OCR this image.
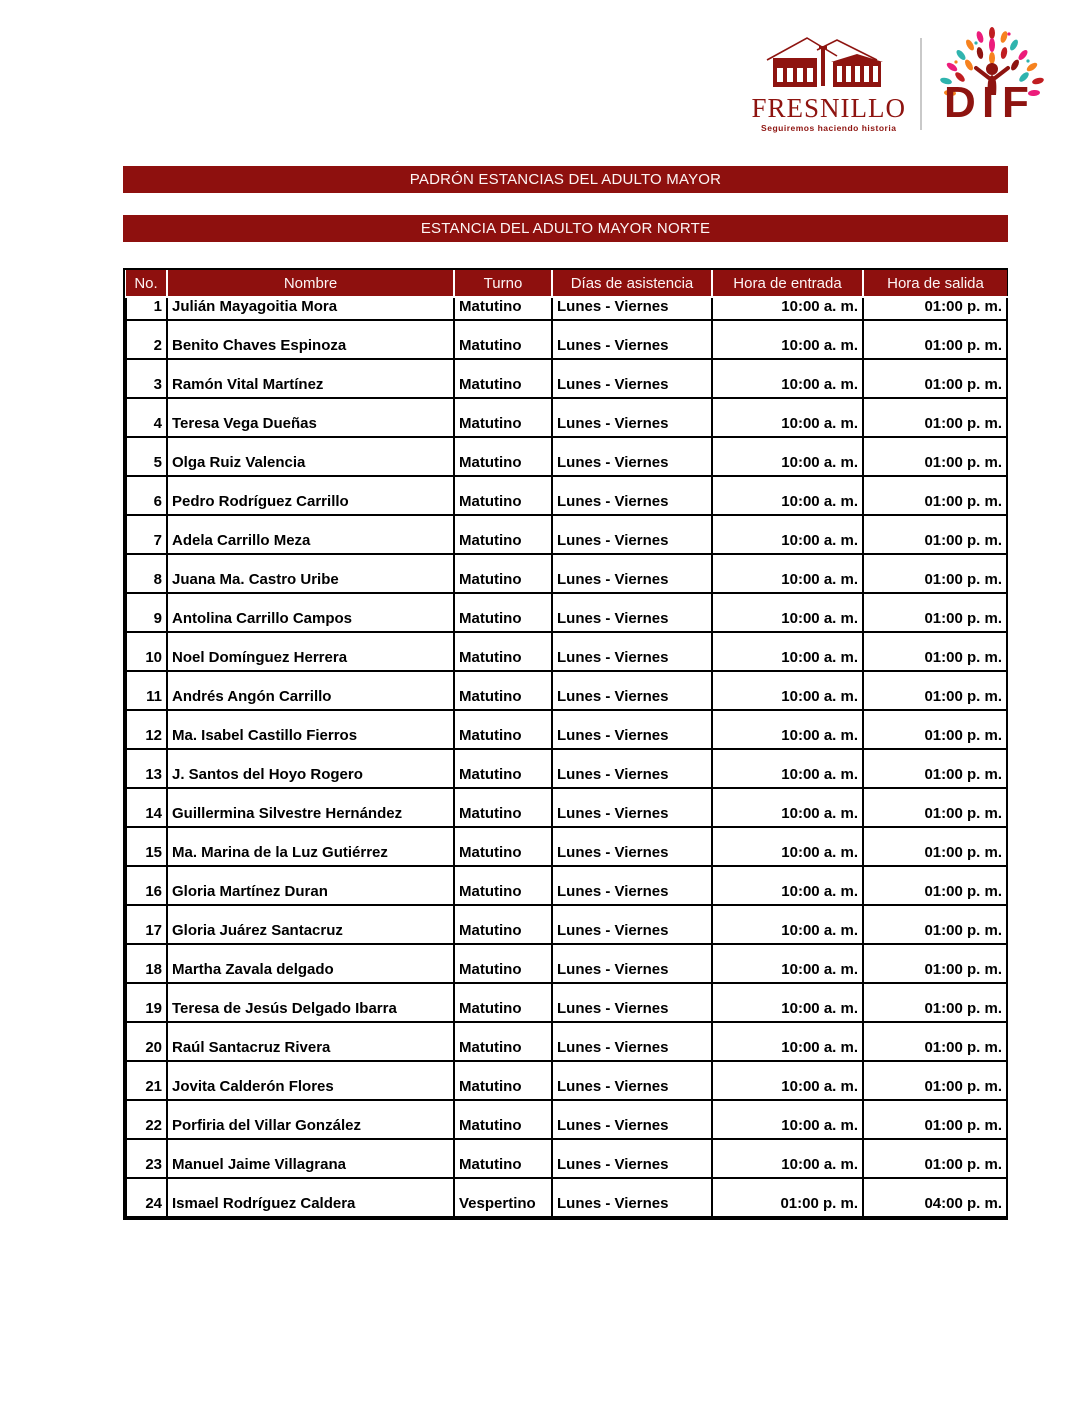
FRESNILLO
Seguiremos haciendo historia
D I F
PADRÓN ESTANCIAS DEL ADULTO MAYOR
ESTANCIA DEL ADULTO MAYOR NORTE
No.	Nombre	Turno	Días de asistencia	Hora de entrada	Hora de salida
1	Julián Mayagoitia Mora	Matutino	Lunes - Viernes	10:00 a. m.	01:00 p. m.
2	Benito Chaves Espinoza	Matutino	Lunes - Viernes	10:00 a. m.	01:00 p. m.
3	Ramón Vital Martínez	Matutino	Lunes - Viernes	10:00 a. m.	01:00 p. m.
4	Teresa Vega Dueñas	Matutino	Lunes - Viernes	10:00 a. m.	01:00 p. m.
5	Olga Ruiz Valencia	Matutino	Lunes - Viernes	10:00 a. m.	01:00 p. m.
6	Pedro Rodríguez Carrillo	Matutino	Lunes - Viernes	10:00 a. m.	01:00 p. m.
7	Adela Carrillo Meza	Matutino	Lunes - Viernes	10:00 a. m.	01:00 p. m.
8	Juana Ma. Castro Uribe	Matutino	Lunes - Viernes	10:00 a. m.	01:00 p. m.
9	Antolina Carrillo Campos	Matutino	Lunes - Viernes	10:00 a. m.	01:00 p. m.
10	Noel Domínguez Herrera	Matutino	Lunes - Viernes	10:00 a. m.	01:00 p. m.
11	Andrés Angón Carrillo	Matutino	Lunes - Viernes	10:00 a. m.	01:00 p. m.
12	Ma. Isabel Castillo Fierros	Matutino	Lunes - Viernes	10:00 a. m.	01:00 p. m.
13	J. Santos del Hoyo Rogero	Matutino	Lunes - Viernes	10:00 a. m.	01:00 p. m.
14	Guillermina Silvestre Hernández	Matutino	Lunes - Viernes	10:00 a. m.	01:00 p. m.
15	Ma. Marina de la Luz Gutiérrez	Matutino	Lunes - Viernes	10:00 a. m.	01:00 p. m.
16	Gloria Martínez Duran	Matutino	Lunes - Viernes	10:00 a. m.	01:00 p. m.
17	Gloria Juárez Santacruz	Matutino	Lunes - Viernes	10:00 a. m.	01:00 p. m.
18	Martha Zavala delgado	Matutino	Lunes - Viernes	10:00 a. m.	01:00 p. m.
19	Teresa de Jesús Delgado Ibarra	Matutino	Lunes - Viernes	10:00 a. m.	01:00 p. m.
20	Raúl Santacruz Rivera	Matutino	Lunes - Viernes	10:00 a. m.	01:00 p. m.
21	Jovita Calderón Flores	Matutino	Lunes - Viernes	10:00 a. m.	01:00 p. m.
22	Porfiria del Villar González	Matutino	Lunes - Viernes	10:00 a. m.	01:00 p. m.
23	Manuel Jaime Villagrana	Matutino	Lunes - Viernes	10:00 a. m.	01:00 p. m.
24	Ismael Rodríguez Caldera	Vespertino	Lunes - Viernes	01:00 p. m.	04:00 p. m.
